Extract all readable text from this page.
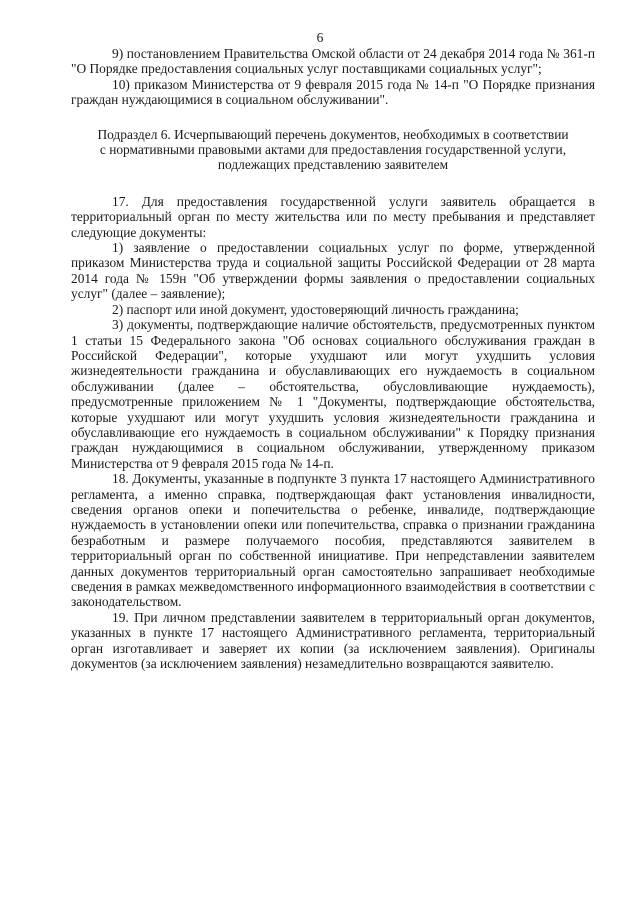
6

9) постановлением Правительства Омской области от 24 декабря 2014 года № 361-п "О Порядке предоставления социальных услуг поставщиками социальных услуг";

10) приказом Министерства от 9 февраля 2015 года № 14-п "О Порядке признания граждан нуждающимися в социальном обслуживании".

Подраздел 6. Исчерпывающий перечень документов, необходимых в соответствии с нормативными правовыми актами для предоставления государственной услуги, подлежащих представлению заявителем

17. Для предоставления государственной услуги заявитель обращается в территориальный орган по месту жительства или по месту пребывания и представляет следующие документы:

1) заявление о предоставлении социальных услуг по форме, утвержденной приказом Министерства труда и социальной защиты Российской Федерации от 28 марта 2014 года № 159н "Об утверждении формы заявления о предоставлении социальных услуг" (далее – заявление);

2) паспорт или иной документ, удостоверяющий личность гражданина;

3) документы, подтверждающие наличие обстоятельств, предусмотренных пунктом 1 статьи 15 Федерального закона "Об основах социального обслуживания граждан в Российской Федерации", которые ухудшают или могут ухудшить условия жизнедеятельности гражданина и обуславливающих его нуждаемость в социальном обслуживании (далее – обстоятельства, обусловливающие нуждаемость), предусмотренные приложением № 1 "Документы, подтверждающие обстоятельства, которые ухудшают или могут ухудшить условия жизнедеятельности гражданина и обуславливающие его нуждаемость в социальном обслуживании" к Порядку признания граждан нуждающимися в социальном обслуживании, утвержденному приказом Министерства от 9 февраля 2015 года № 14-п.

18. Документы, указанные в подпункте 3 пункта 17 настоящего Административного регламента, а именно справка, подтверждающая факт установления инвалидности, сведения органов опеки и попечительства о ребенке, инвалиде, подтверждающие нуждаемость в установлении опеки или попечительства, справка о признании гражданина безработным и размере получаемого пособия, представляются заявителем в территориальный орган по собственной инициативе. При непредставлении заявителем данных документов территориальный орган самостоятельно запрашивает необходимые сведения в рамках межведомственного информационного взаимодействия в соответствии с законодательством.

19. При личном представлении заявителем в территориальный орган документов, указанных в пункте 17 настоящего Административного регламента, территориальный орган изготавливает и заверяет их копии (за исключением заявления). Оригиналы документов (за исключением заявления) незамедлительно возвращаются заявителю.
